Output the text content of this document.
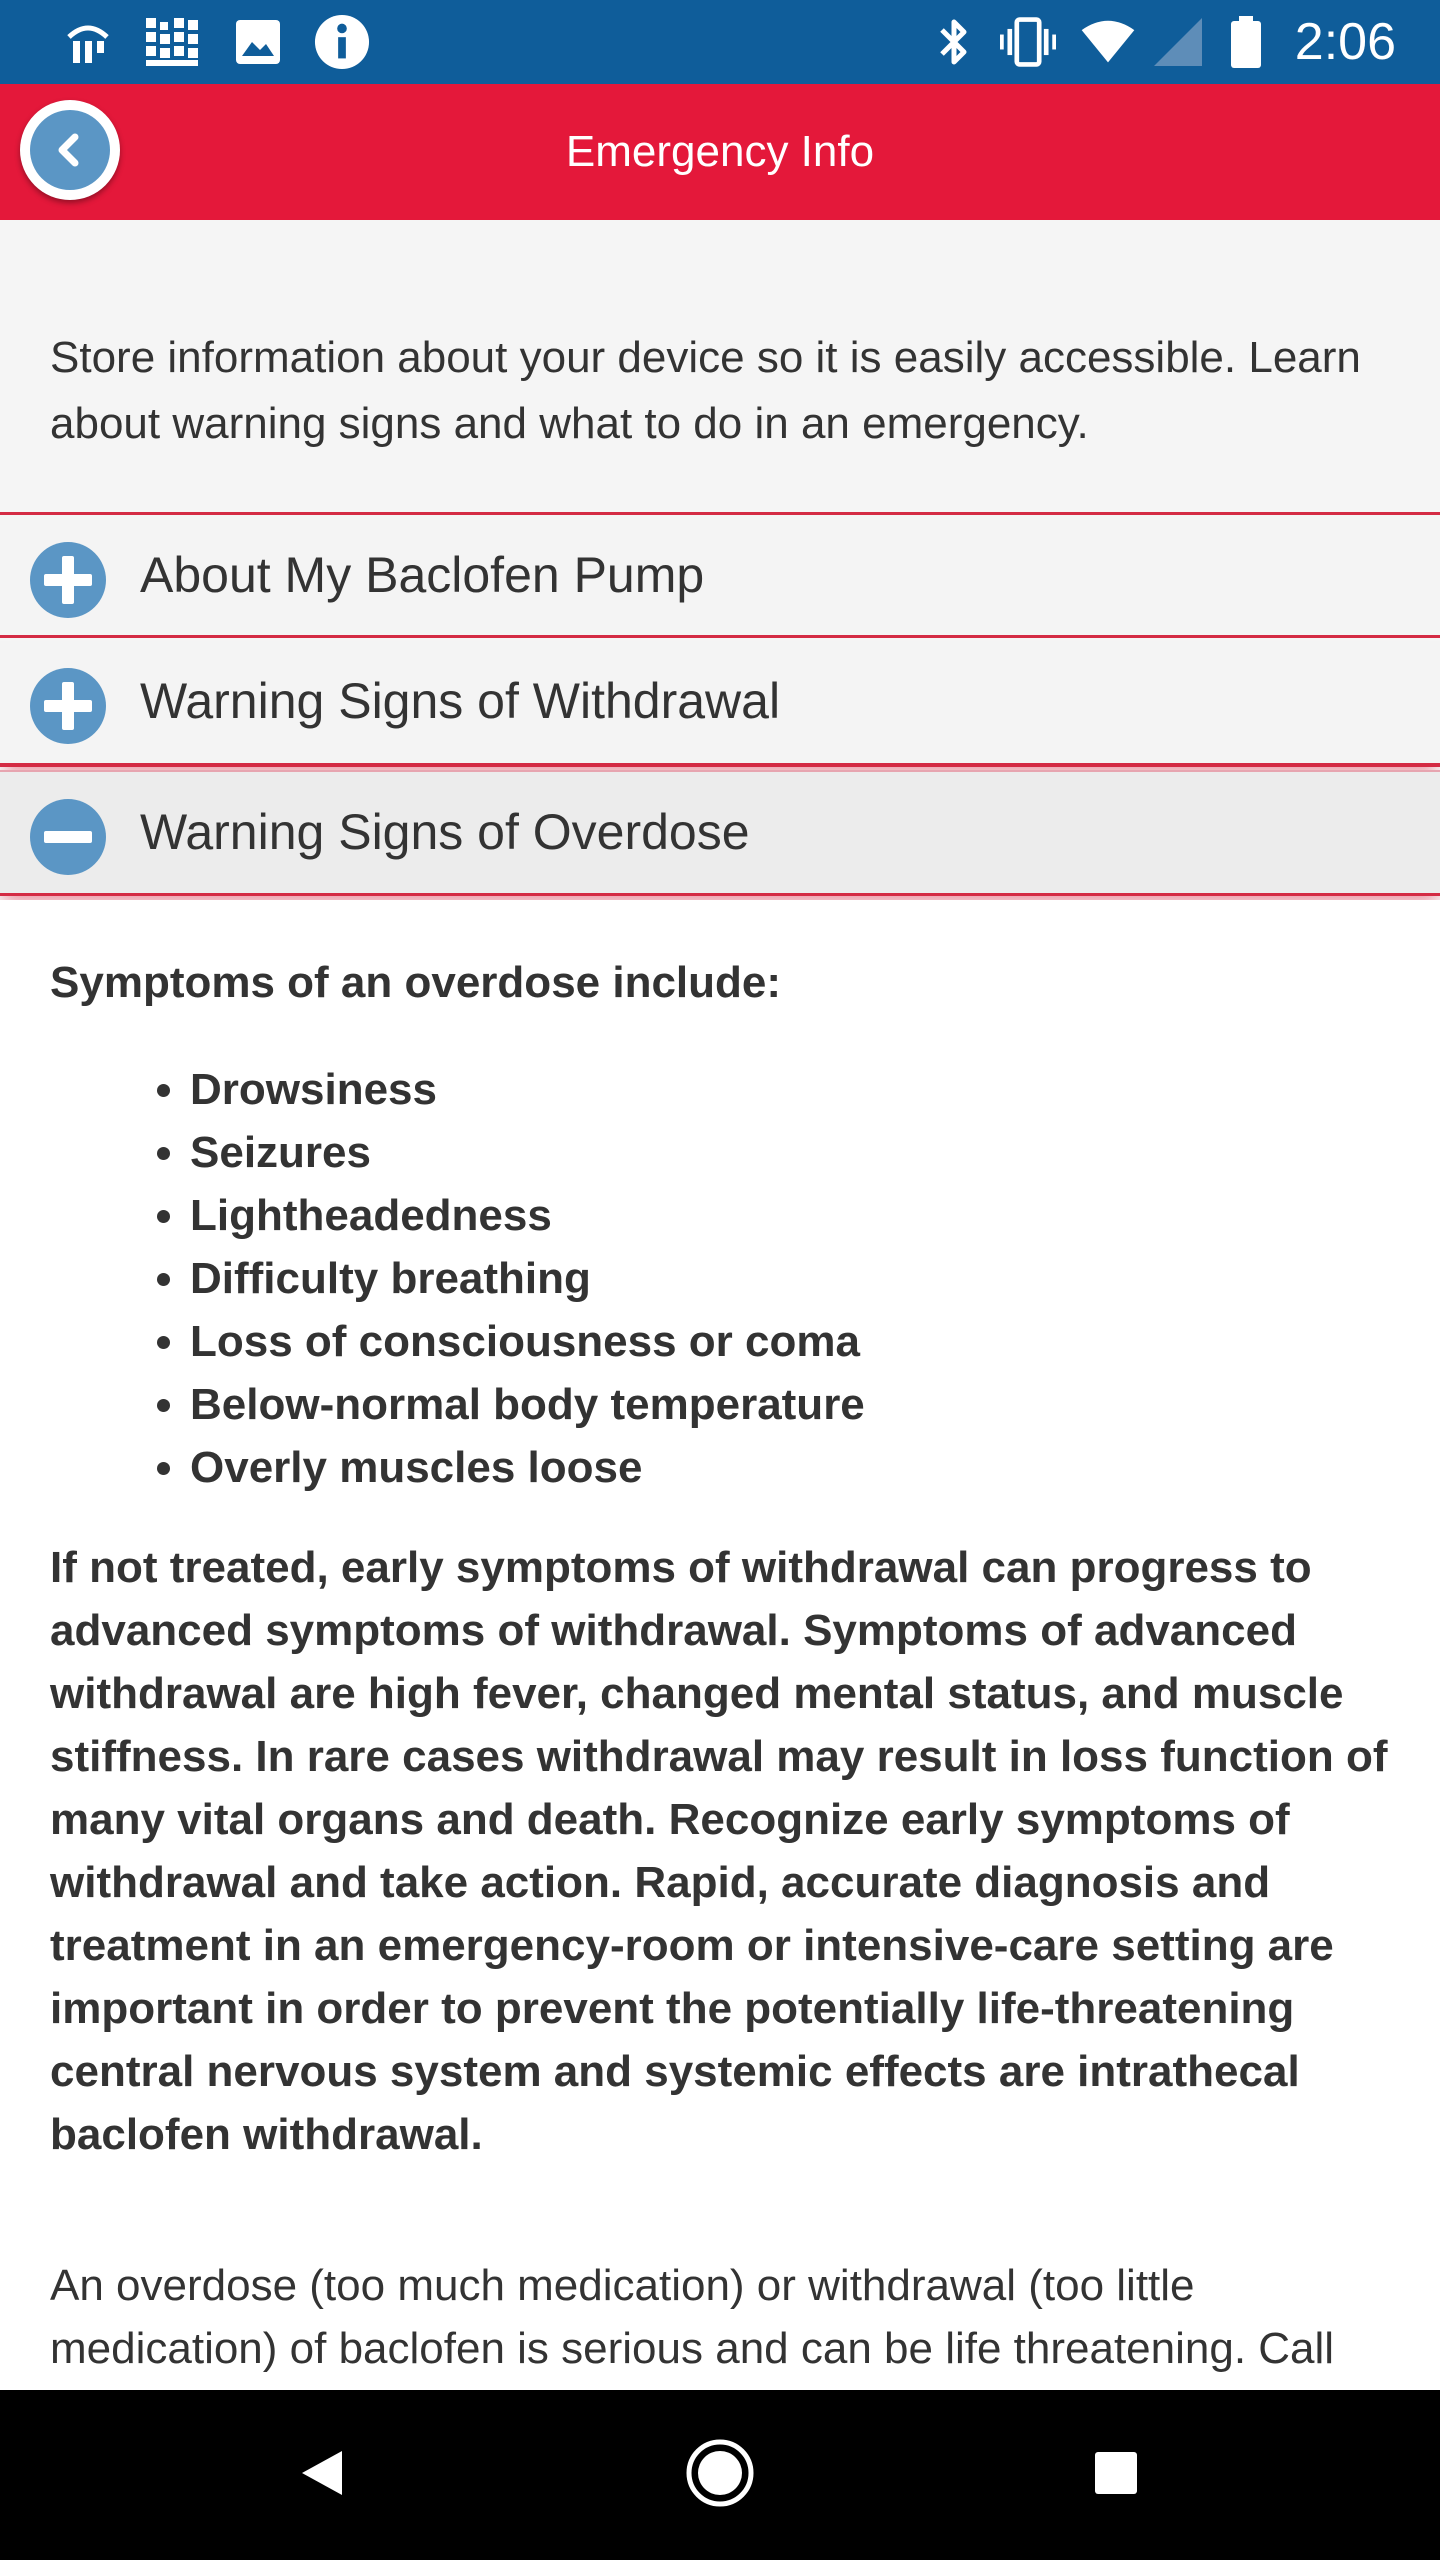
2:06
Emergency Info
Store information about your device so it is easily accessible. Learn about warning signs and what to do in an emergency.
About My Baclofen Pump
Warning Signs of Withdrawal
Warning Signs of Overdose
Symptoms of an overdose include:
• Drowsiness
• Seizures
• Lightheadedness
• Difficulty breathing
• Loss of consciousness or coma
• Below-normal body temperature
• Overly muscles loose
If not treated, early symptoms of withdrawal can progress to advanced symptoms of withdrawal. Symptoms of advanced withdrawal are high fever, changed mental status, and muscle stiffness. In rare cases withdrawal may result in loss function of many vital organs and death. Recognize early symptoms of withdrawal and take action. Rapid, accurate diagnosis and treatment in an emergency-room or intensive-care setting are important in order to prevent the potentially life-threatening central nervous system and systemic effects are intrathecal baclofen withdrawal.
An overdose (too much medication) or withdrawal (too little medication) of baclofen is serious and can be life threatening. Call
